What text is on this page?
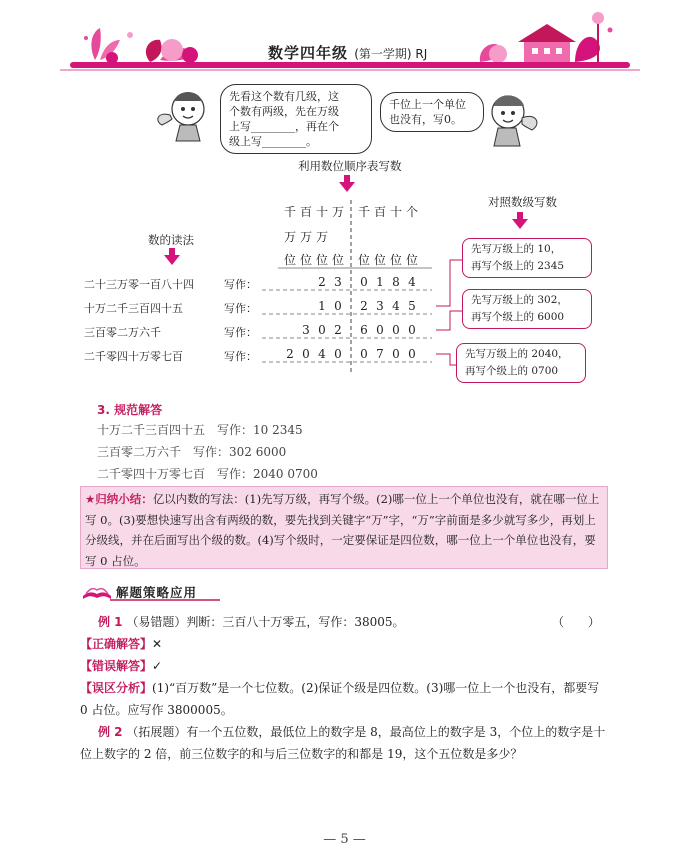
数学四年级 (第一学期) RJ
先看这个数有几级，这
个数有两级，先在万级
上写________，再在个
级上写________。
千位上一个单位
也没有，写0。
利用数位顺序表写数
对照数级写数
数的读法
千 百 十 万 千 百 十 个
万 万 万
位 位 位 位 位 位 位 位
二十三万零一百八十四	写作：	2 3	0 1 8 4
十万二千三百四十五	写作：	1 0	2 3 4 5
三百零二万六千	写作：	3 0 2	6 0 0 0
二千零四十万零七百	写作：	2 0 4 0	0 7 0 0
先写万级上的 10，
再写个级上的 2345
先写万级上的 302，
再写个级上的 6000
先写万级上的 2040，
再写个级上的 0700
3. 规范解答
十万二千三百四十五　写作：10 2345
三百零二万六千　写作：302 6000
二千零四十万零七百　写作：2040 0700
★归纳小结：亿以内数的写法：(1)先写万级，再写个级。(2)哪一位上一个单位也没有，就在哪一位上写 0。(3)要想快速写出含有两级的数，要先找到关键字“万”字，“万”字前面是多少就写多少，再划上分级线，并在后面写出个级的数。(4)写个级时，一定要保证是四位数，哪一位上一个单位也没有，要写 0 占位。
解题策略应用
例 1 （易错题）判断：三百八十万零五，写作：38005。	（　　）
【正确解答】✕
【错误解答】✓
【误区分析】(1)“百万数”是一个七位数。(2)保证个级是四位数。(3)哪一位上一个也没有，都要写 0 占位。应写作 3800005。
例 2 （拓展题）有一个五位数，最低位上的数字是 8，最高位上的数字是 3，个位上的数字是十位上数字的 2 倍，前三位数字的和与后三位数字的和都是 19，这个五位数是多少？
— 5 —
